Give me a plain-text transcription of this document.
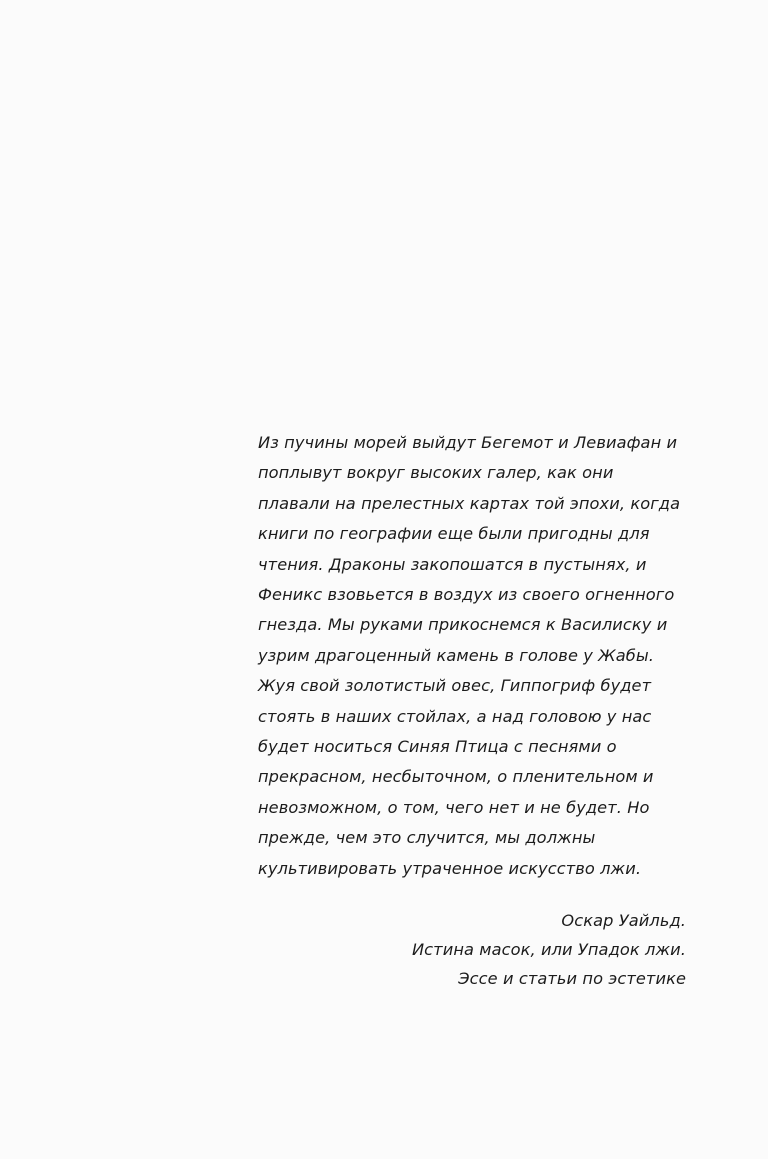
Из пучины морей выйдут Бегемот и Левиафан и поплывут вокруг высоких галер, как они плавали на прелестных картах той эпохи, когда книги по географии еще были пригодны для чтения. Драконы закопошатся в пустынях, и Феникс взовьется в воздух из своего огненного гнезда. Мы руками прикоснемся к Василиску и узрим драгоценный камень в голове у Жабы. Жуя свой золотистый овес, Гиппогриф будет стоять в наших стойлах, а над головою у нас будет носиться Синяя Птица с песнями о прекрасном, несбыточном, о пленительном и невозможном, о том, чего нет и не будет. Но прежде, чем это случится, мы должны культивировать утраченное искусство лжи.

Оскар Уайльд.
Истина масок, или Упадок лжи.
Эссе и статьи по эстетике
